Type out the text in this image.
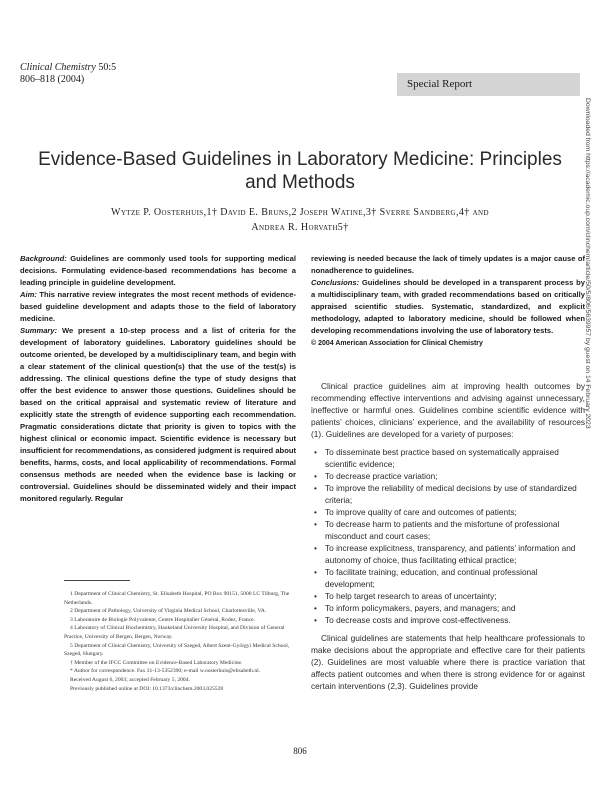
Clinical Chemistry 50:5
806–818 (2004)	Special Report
Evidence-Based Guidelines in Laboratory Medicine: Principles and Methods
Wytze P. Oosterhuis,1† David E. Bruns,2 Joseph Watine,3† Sverre Sandberg,4† and
Andrea R. Horvath5†
Background: Guidelines are commonly used tools for supporting medical decisions. Formulating evidence-based recommendations has become a leading principle in guideline development.
Aim: This narrative review integrates the most recent methods of evidence-based guideline development and adapts those to the field of laboratory medicine.
Summary: We present a 10-step process and a list of criteria for the development of laboratory guidelines. Laboratory guidelines should be outcome oriented, be developed by a multidisciplinary team, and begin with a clear statement of the clinical question(s) that the use of the test(s) is addressing. The clinical questions define the type of study designs that offer the best evidence to answer those questions. Guidelines should be based on the critical appraisal and systematic review of literature and explicitly state the strength of evidence supporting each recommendation. Pragmatic considerations dictate that priority is given to topics with the highest clinical or economic impact. Scientific evidence is necessary but insufficient for recommendations, as considered judgment is required about benefits, harms, costs, and local applicability of recommendations. Formal consensus methods are needed when the evidence base is lacking or controversial. Guidelines should be disseminated widely and their impact monitored regularly. Regular
reviewing is needed because the lack of timely updates is a major cause of nonadherence to guidelines.
Conclusions: Guidelines should be developed in a transparent process by a multidisciplinary team, with graded recommendations based on critically appraised scientific studies. Systematic, standardized, and explicit methodology, adapted to laboratory medicine, should be followed when developing recommendations involving the use of laboratory tests.
© 2004 American Association for Clinical Chemistry

Clinical practice guidelines aim at improving health outcomes by recommending effective interventions and advising against unnecessary, ineffective or harmful ones. Guidelines combine scientific evidence with patients’ choices, clinicians’ experience, and the availability of resources (1). Guidelines are developed for a variety of purposes:

• To disseminate best practice based on systematically appraised scientific evidence;
• To decrease practice variation;
• To improve the reliability of medical decisions by use of standardized criteria;
• To improve quality of care and outcomes of patients;
• To decrease harm to patients and the misfortune of professional misconduct and court cases;
• To increase explicitness, transparency, and patients’ information and autonomy of choice, thus facilitating ethical practice;
• To facilitate training, education, and continual professional development;
• To help target research to areas of uncertainty;
• To inform policymakers, payers, and managers; and
• To decrease costs and improve cost-effectiveness.

Clinical guidelines are statements that help healthcare professionals to make decisions about the appropriate and effective care for their patients (2). Guidelines are most valuable where there is practice variation that affects patient outcomes and when there is strong evidence for or against certain interventions (2,3). Guidelines provide

1 Department of Clinical Chemistry, St. Elisabeth Hospital, PO Box 90151, 5000 LC Tilburg, The Netherlands.
2 Department of Pathology, University of Virginia Medical School, Charlottesville, VA.
3 Laboratoire de Biologie Polyvalente, Centre Hospitalier Général, Rodez, France.
4 Laboratory of Clinical Biochemistry, Haukeland University Hospital, and Division of General Practice, University of Bergen, Bergen, Norway.
5 Department of Clinical Chemistry, University of Szeged, Albert Szent-Györgyi Medical School, Szeged, Hungary.
† Member of the IFCC Committee on Evidence-Based Laboratory Medicine.
* Author for correspondence. Fax 31-13-5352390; e-mail w.oosterhuis@elisabeth.nl.
Received August 6, 2003; accepted February 5, 2004.
Previously published online at DOI: 10.1373/clinchem.2003.025528
806
Downloaded from https://academic.oup.com/clinchem/article/50/5/806/5639957 by guest on 14 February 2023
